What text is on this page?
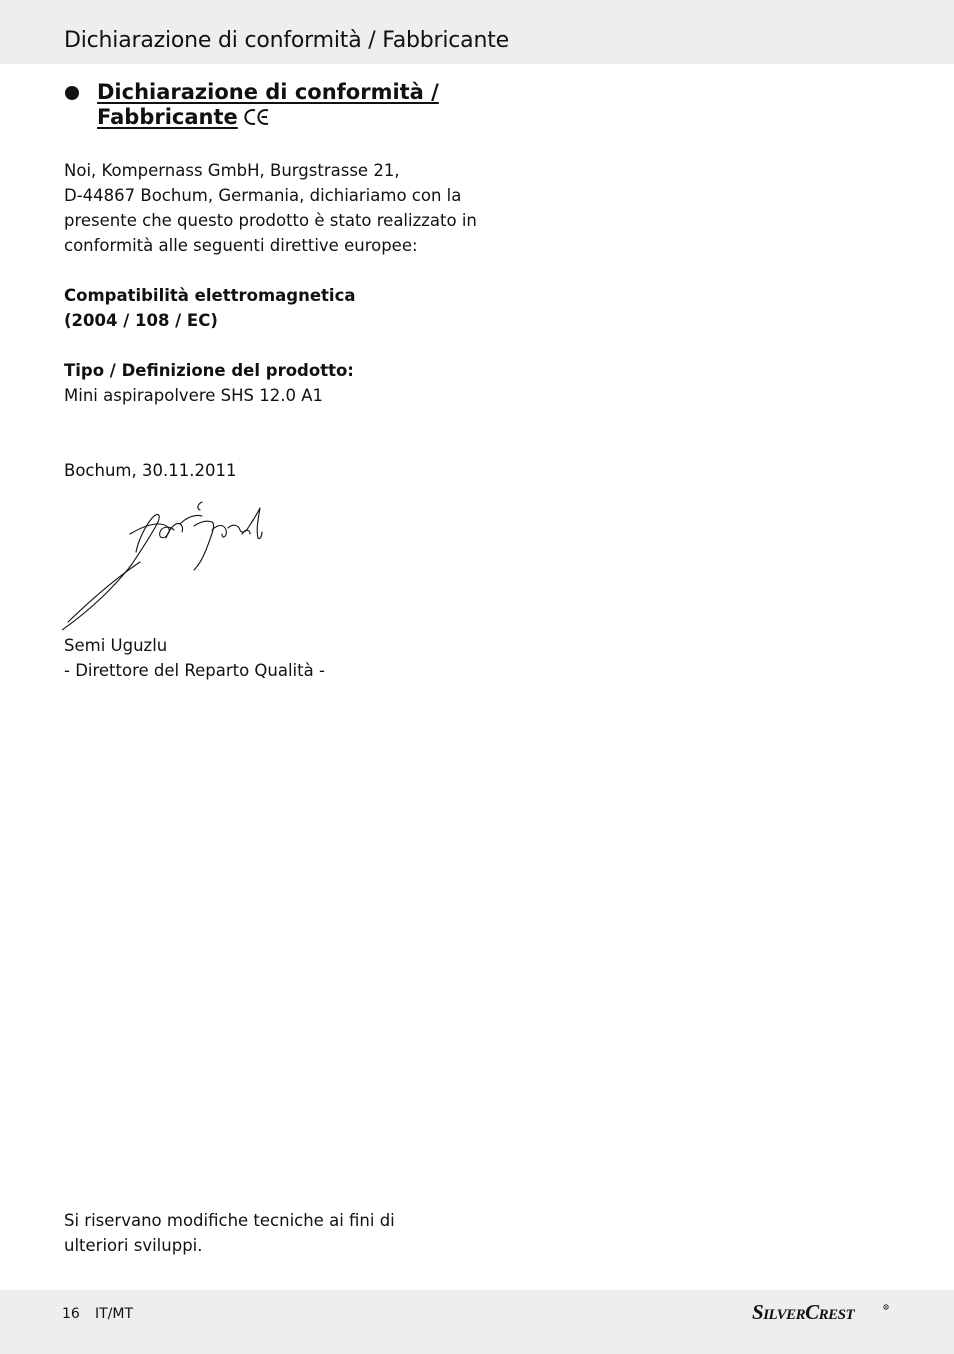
Dichiarazione di conformità / Fabbricante
Dichiarazione di conformità /
Fabbricante
Noi, Kompernass GmbH, Burgstrasse 21,
D-44867 Bochum, Germania, dichiariamo con la
presente che questo prodotto è stato realizzato in
conformità alle seguenti direttive europee:
Compatibilità elettromagnetica
(2004 / 108 / EC)
Tipo / Definizione del prodotto:
Mini aspirapolvere SHS 12.0 A1
Bochum, 30.11.2011
Semi Uguzlu
- Direttore del Reparto Qualità -
Si riservano modifiche tecniche ai fini di
ulteriori sviluppi.
16 IT/MT	SILVERCREST
